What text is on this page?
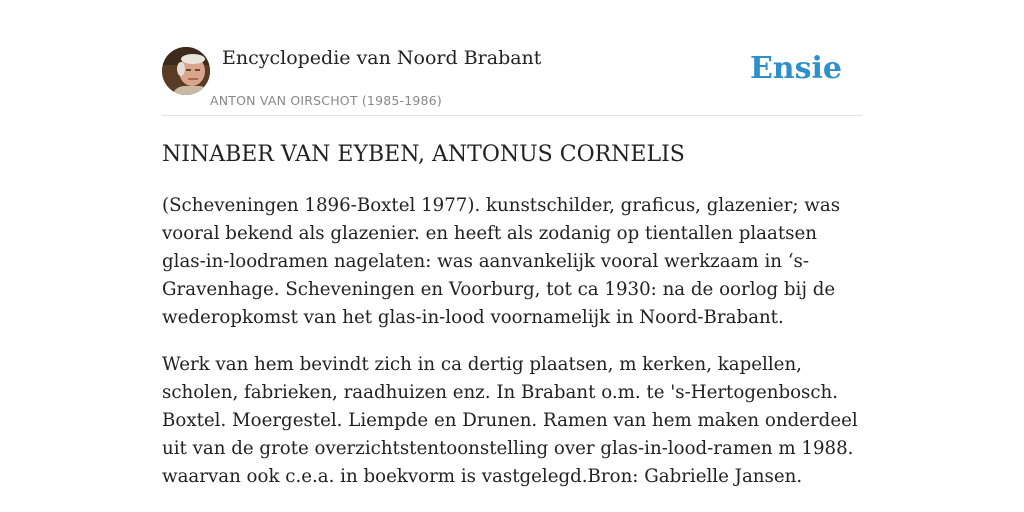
Encyclopedie van Noord Brabant
ANTON VAN OIRSCHOT (1985-1986)
Ensie
NINABER VAN EYBEN, ANTONUS CORNELIS

(Scheveningen 1896-Boxtel 1977). kunstschilder, graficus, glazenier; was vooral bekend als glazenier. en heeft als zodanig op tientallen plaatsen glas-in-loodramen nagelaten: was aanvankelijk vooral werkzaam in ‘s-Gravenhage. Scheveningen en Voorburg, tot ca 1930: na de oorlog bij de wederopkomst van het glas-in-lood voornamelijk in Noord-Brabant.

Werk van hem bevindt zich in ca dertig plaatsen, m kerken, kapellen, scholen, fabrieken, raadhuizen enz. In Brabant o.m. te 's-Hertogenbosch. Boxtel. Moergestel. Liempde en Drunen. Ramen van hem maken onderdeel uit van de grote overzichtstentoonstelling over glas-in-lood-ramen m 1988. waarvan ook c.e.a. in boekvorm is vastgelegd.Bron: Gabrielle Jansen.
